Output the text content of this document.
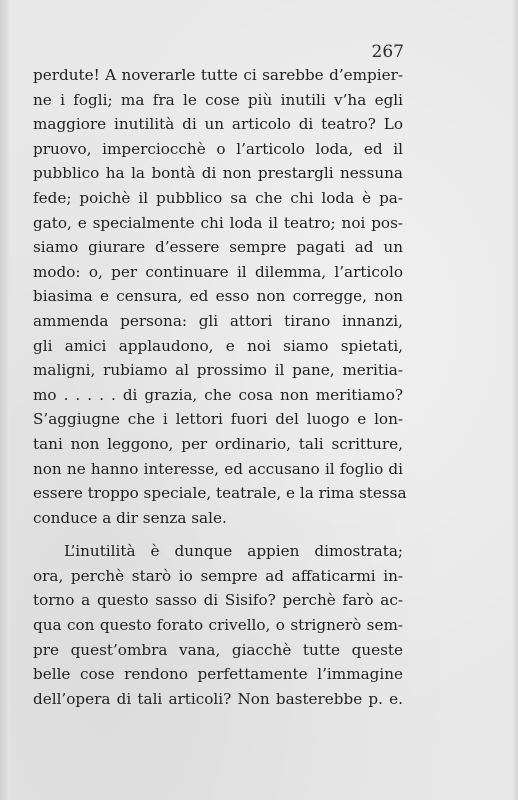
267
perdute! A noverarle tutte ci sarebbe d’empier-
ne i fogli; ma fra le cose più inutili v’ha egli
maggiore inutilità di un articolo di teatro? Lo
pruovo, imperciocchè o l’articolo loda, ed il
pubblico ha la bontà di non prestargli nessuna
fede; poichè il pubblico sa che chi loda è pa-
gato, e specialmente chi loda il teatro; noi pos-
siamo giurare d’essere sempre pagati ad un
modo: o, per continuare il dilemma, l’articolo
biasima e censura, ed esso non corregge, non
ammenda persona: gli attori tirano innanzi,
gli amici applaudono, e noi siamo spietati,
maligni, rubiamo al prossimo il pane, meritia-
mo . . . . . di grazia, che cosa non meritiamo?
S’aggiugne che i lettori fuori del luogo e lon-
tani non leggono, per ordinario, tali scritture,
non ne hanno interesse, ed accusano il foglio di
essere troppo speciale, teatrale, e la rima stessa
conduce a dir senza sale.
L’inutilità è dunque appien dimostrata;
ora, perchè starò io sempre ad affaticarmi in-
torno a questo sasso di Sisifo? perchè farò ac-
qua con questo forato crivello, o strignerò sem-
pre quest’ombra vana, giacchè tutte queste
belle cose rendono perfettamente l’immagine
dell’opera di tali articoli? Non basterebbe p. e.
